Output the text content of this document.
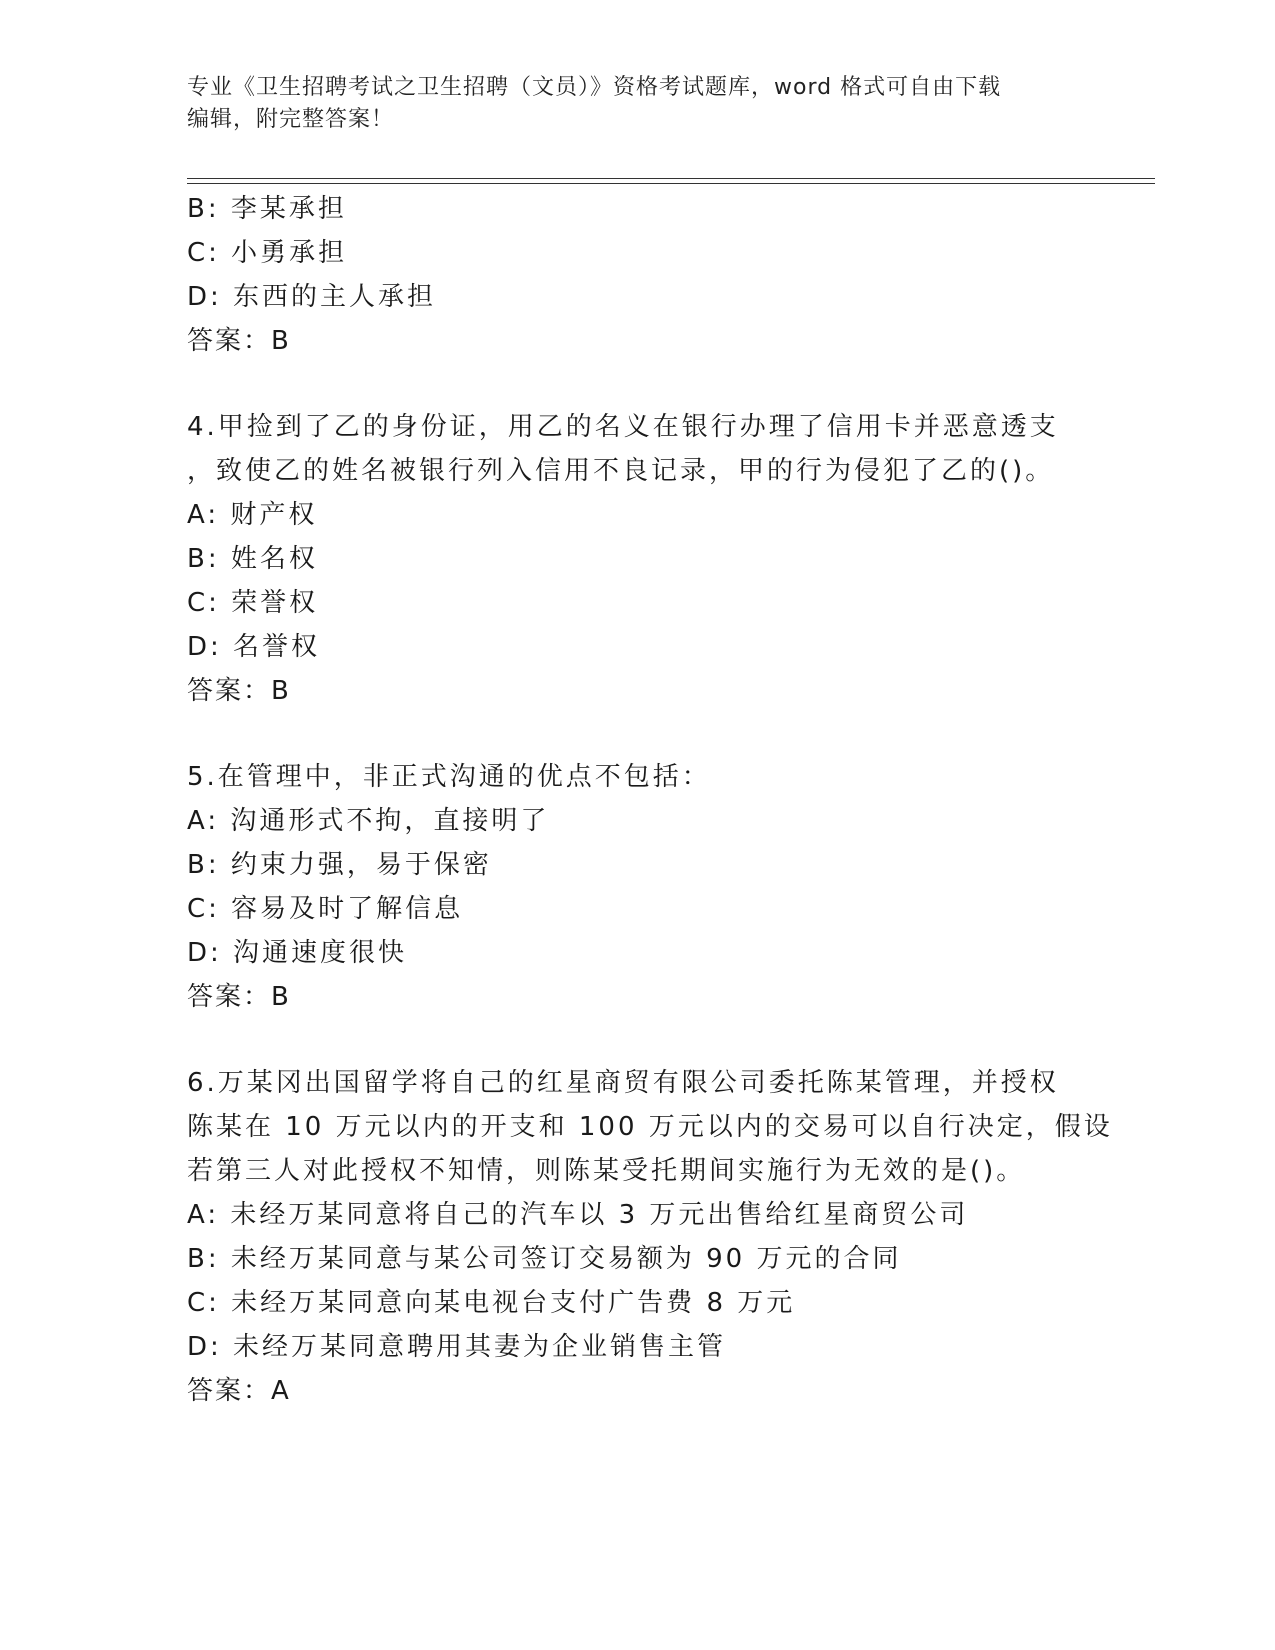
专业《卫生招聘考试之卫生招聘（文员）》资格考试题库，word 格式可自由下载
编辑，附完整答案！
B: 李某承担
C: 小勇承担
D: 东西的主人承担
答案：B
4.甲捡到了乙的身份证，用乙的名义在银行办理了信用卡并恶意透支
，致使乙的姓名被银行列入信用不良记录，甲的行为侵犯了乙的()。
A: 财产权
B: 姓名权
C: 荣誉权
D: 名誉权
答案：B
5.在管理中，非正式沟通的优点不包括：
A: 沟通形式不拘，直接明了
B: 约束力强，易于保密
C: 容易及时了解信息
D: 沟通速度很快
答案：B
6.万某冈出国留学将自己的红星商贸有限公司委托陈某管理，并授权
陈某在 10 万元以内的开支和 100 万元以内的交易可以自行决定，假设
若第三人对此授权不知情，则陈某受托期间实施行为无效的是()。
A: 未经万某同意将自己的汽车以 3 万元出售给红星商贸公司
B: 未经万某同意与某公司签订交易额为 90 万元的合同
C: 未经万某同意向某电视台支付广告费 8 万元
D: 未经万某同意聘用其妻为企业销售主管
答案：A
